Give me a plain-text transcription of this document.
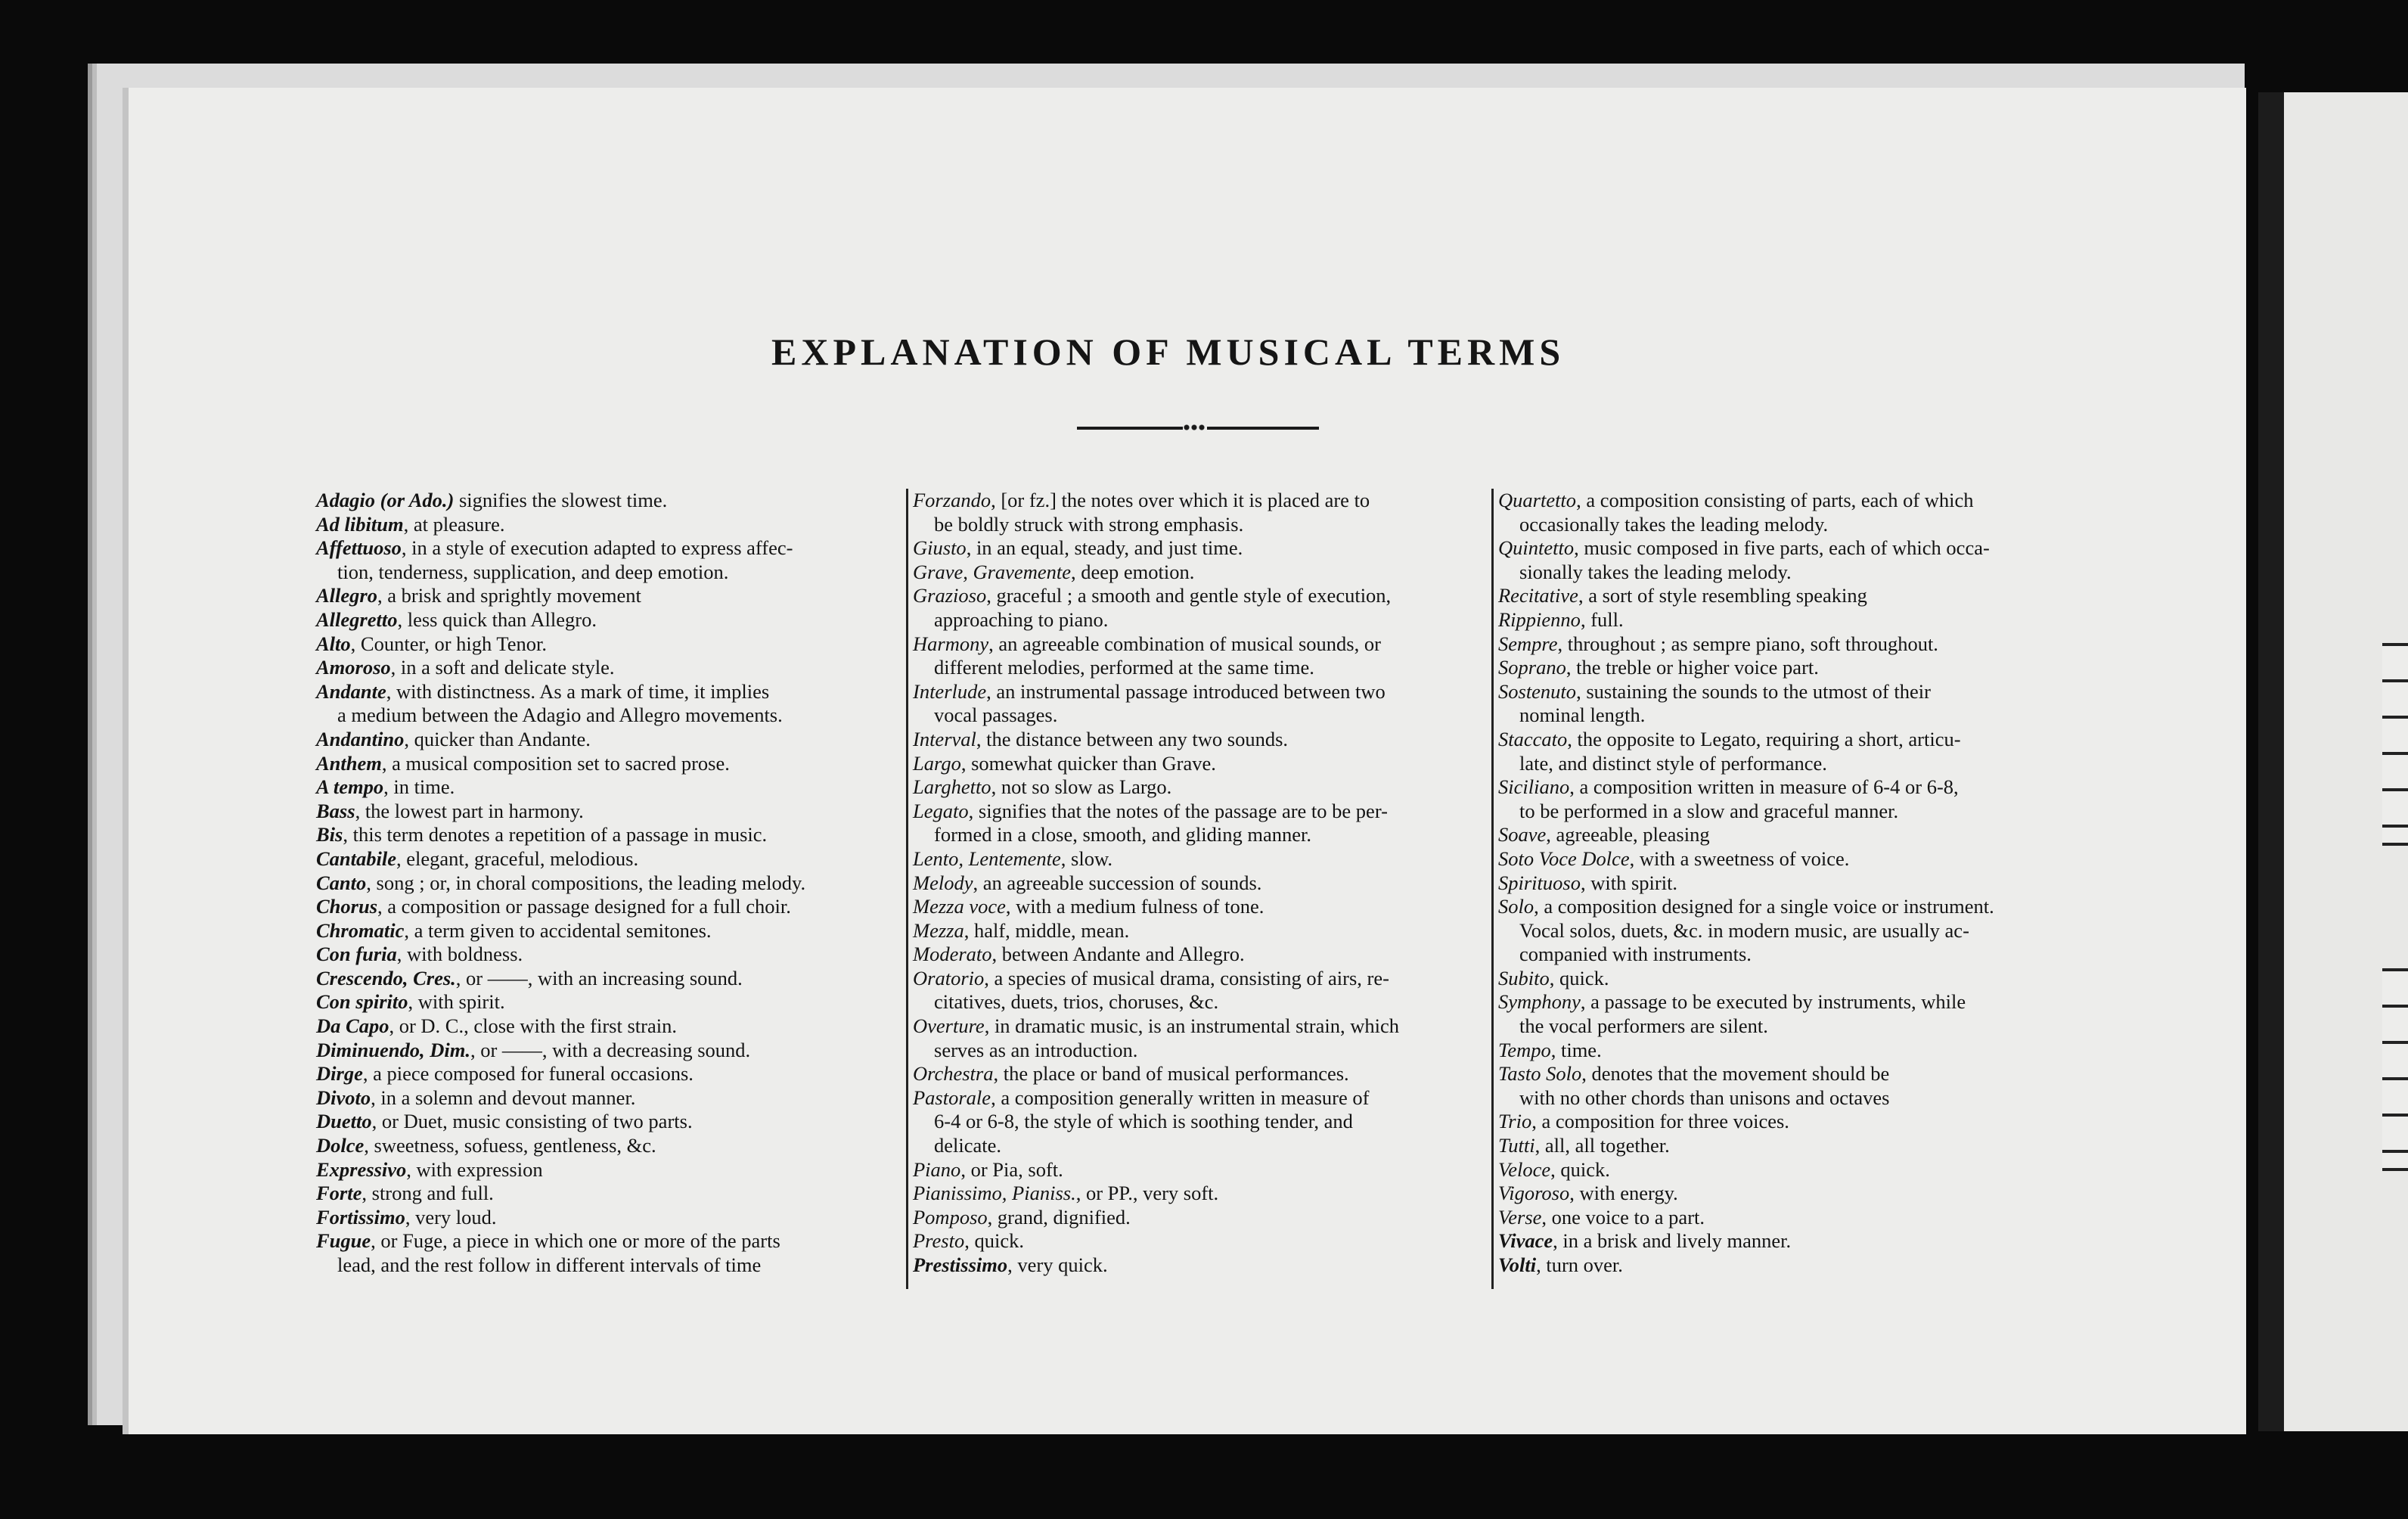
EXPLANATION OF MUSICAL TERMS
Adagio (or Ado.) signifies the slowest time.
Ad libitum, at pleasure.
Affettuoso, in a style of execution adapted to express affec-
tion, tenderness, supplication, and deep emotion.
Allegro, a brisk and sprightly movement
Allegretto, less quick than Allegro.
Alto, Counter, or high Tenor.
Amoroso, in a soft and delicate style.
Andante, with distinctness. As a mark of time, it implies
a medium between the Adagio and Allegro movements.
Andantino, quicker than Andante.
Anthem, a musical composition set to sacred prose.
A tempo, in time.
Bass, the lowest part in harmony.
Bis, this term denotes a repetition of a passage in music.
Cantabile, elegant, graceful, melodious.
Canto, song ; or, in choral compositions, the leading melody.
Chorus, a composition or passage designed for a full choir.
Chromatic, a term given to accidental semitones.
Con furia, with boldness.
Crescendo, Cres., or ——, with an increasing sound.
Con spirito, with spirit.
Da Capo, or D. C., close with the first strain.
Diminuendo, Dim., or ——, with a decreasing sound.
Dirge, a piece composed for funeral occasions.
Divoto, in a solemn and devout manner.
Duetto, or Duet, music consisting of two parts.
Dolce, sweetness, sofuess, gentleness, &c.
Expressivo, with expression
Forte, strong and full.
Fortissimo, very loud.
Fugue, or Fuge, a piece in which one or more of the parts
lead, and the rest follow in different intervals of time
Forzando, [or fz.] the notes over which it is placed are to
be boldly struck with strong emphasis.
Giusto, in an equal, steady, and just time.
Grave, Gravemente, deep emotion.
Grazioso, graceful ; a smooth and gentle style of execution,
approaching to piano.
Harmony, an agreeable combination of musical sounds, or
different melodies, performed at the same time.
Interlude, an instrumental passage introduced between two
vocal passages.
Interval, the distance between any two sounds.
Largo, somewhat quicker than Grave.
Larghetto, not so slow as Largo.
Legato, signifies that the notes of the passage are to be per-
formed in a close, smooth, and gliding manner.
Lento, Lentemente, slow.
Melody, an agreeable succession of sounds.
Mezza voce, with a medium fulness of tone.
Mezza, half, middle, mean.
Moderato, between Andante and Allegro.
Oratorio, a species of musical drama, consisting of airs, re-
citatives, duets, trios, choruses, &c.
Overture, in dramatic music, is an instrumental strain, which
serves as an introduction.
Orchestra, the place or band of musical performances.
Pastorale, a composition generally written in measure of
6-4 or 6-8, the style of which is soothing tender, and
delicate.
Piano, or Pia, soft.
Pianissimo, Pianiss., or PP., very soft.
Pomposo, grand, dignified.
Presto, quick.
Prestissimo, very quick.
Quartetto, a composition consisting of parts, each of which
occasionally takes the leading melody.
Quintetto, music composed in five parts, each of which occa-
sionally takes the leading melody.
Recitative, a sort of style resembling speaking
Rippienno, full.
Sempre, throughout ; as sempre piano, soft throughout.
Soprano, the treble or higher voice part.
Sostenuto, sustaining the sounds to the utmost of their
nominal length.
Staccato, the opposite to Legato, requiring a short, articu-
late, and distinct style of performance.
Siciliano, a composition written in measure of 6-4 or 6-8,
to be performed in a slow and graceful manner.
Soave, agreeable, pleasing
Soto Voce Dolce, with a sweetness of voice.
Spirituoso, with spirit.
Solo, a composition designed for a single voice or instrument.
Vocal solos, duets, &c. in modern music, are usually ac-
companied with instruments.
Subito, quick.
Symphony, a passage to be executed by instruments, while
the vocal performers are silent.
Tempo, time.
Tasto Solo, denotes that the movement should be
with no other chords than unisons and octaves
Trio, a composition for three voices.
Tutti, all, all together.
Veloce, quick.
Vigoroso, with energy.
Verse, one voice to a part.
Vivace, in a brisk and lively manner.
Volti, turn over.
